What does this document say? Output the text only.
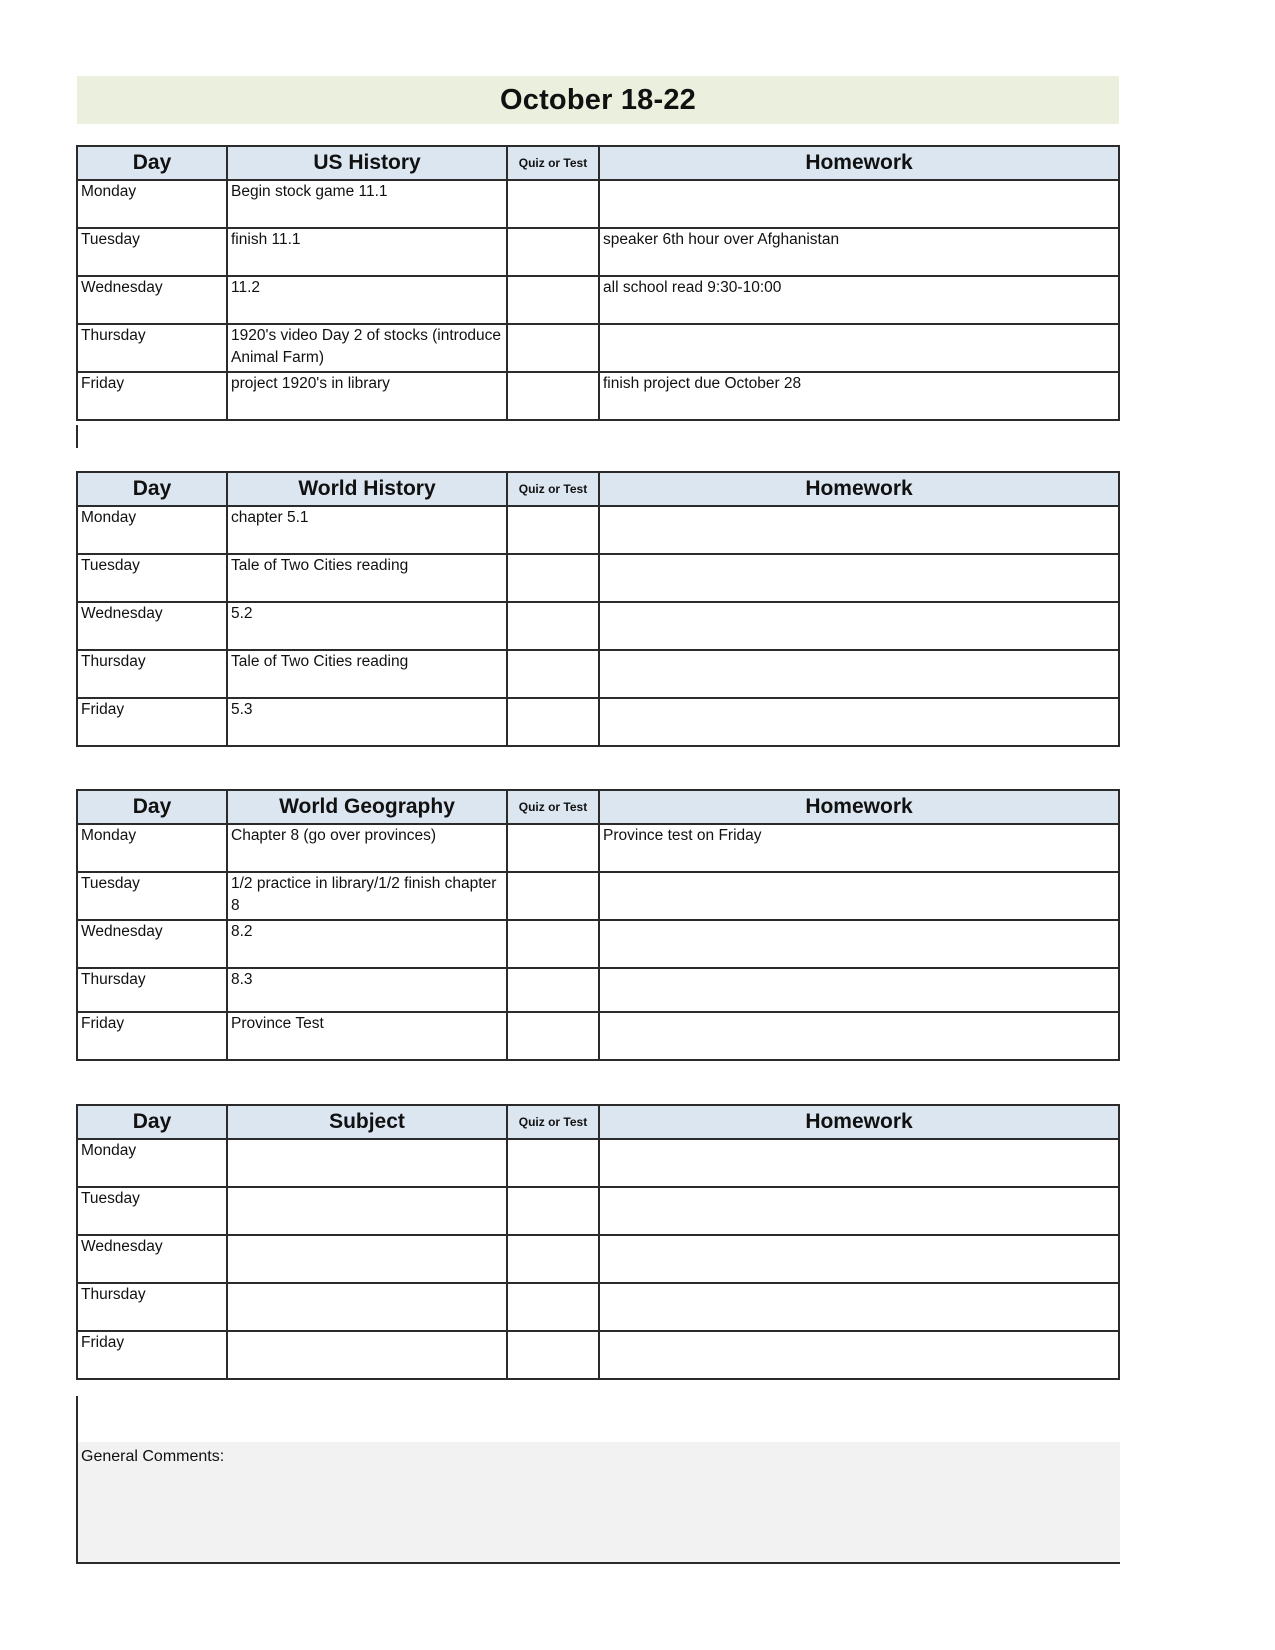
October 18-22
Day	US History	Quiz or Test	Homework
Monday	Begin stock game 11.1		
Tuesday	finish 11.1		speaker 6th hour over Afghanistan
Wednesday	11.2		all school read 9:30-10:00
Thursday	1920's video Day 2 of stocks (introduce Animal Farm)		
Friday	project 1920's in library		finish project due October 28
Day	World History	Quiz or Test	Homework
Monday	chapter 5.1		
Tuesday	Tale of Two Cities reading		
Wednesday	5.2		
Thursday	Tale of Two Cities reading		
Friday	5.3		
Day	World Geography	Quiz or Test	Homework
Monday	Chapter 8 (go over provinces)		Province test on Friday
Tuesday	1/2 practice in library/1/2 finish chapter 8		
Wednesday	8.2		
Thursday	8.3		
Friday	Province Test		
Day	Subject	Quiz or Test	Homework
Monday			
Tuesday			
Wednesday			
Thursday			
Friday			
General Comments:
